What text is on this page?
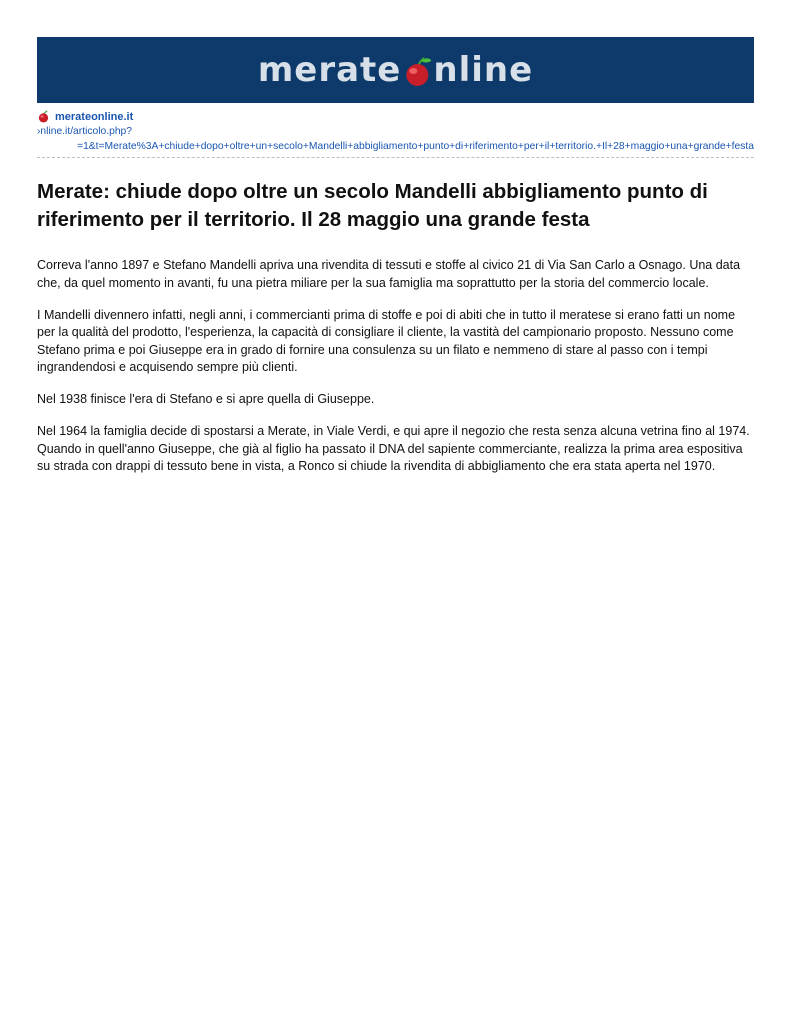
merate nline
merateonline.it
›nline.it/articolo.php?
=1&t=Merate%3A+chiude+dopo+oltre+un+secolo+Mandelli+abbigliamento+punto+di+riferimento+per+il+territorio.+Il+28+maggio+una+grande+festa
Merate: chiude dopo oltre un secolo Mandelli abbigliamento punto di riferimento per il territorio. Il 28 maggio una grande festa

Correva l'anno 1897 e Stefano Mandelli apriva una rivendita di tessuti e stoffe al civico 21 di Via San Carlo a Osnago. Una data che, da quel momento in avanti, fu una pietra miliare per la sua famiglia ma soprattutto per la storia del commercio locale.

I Mandelli divennero infatti, negli anni, i commercianti prima di stoffe e poi di abiti che in tutto il meratese si erano fatti un nome per la qualità del prodotto, l'esperienza, la capacità di consigliare il cliente, la vastità del campionario proposto. Nessuno come Stefano prima e poi Giuseppe era in grado di fornire una consulenza su un filato e nemmeno di stare al passo con i tempi ingrandendosi e acquisendo sempre più clienti.

Nel 1938 finisce l'era di Stefano e si apre quella di Giuseppe.

Nel 1964 la famiglia decide di spostarsi a Merate, in Viale Verdi, e qui apre il negozio che resta senza alcuna vetrina fino al 1974. Quando in quell'anno Giuseppe, che già al figlio ha passato il DNA del sapiente commerciante, realizza la prima area espositiva su strada con drappi di tessuto bene in vista, a Ronco si chiude la rivendita di abbigliamento che era stata aperta nel 1970.
